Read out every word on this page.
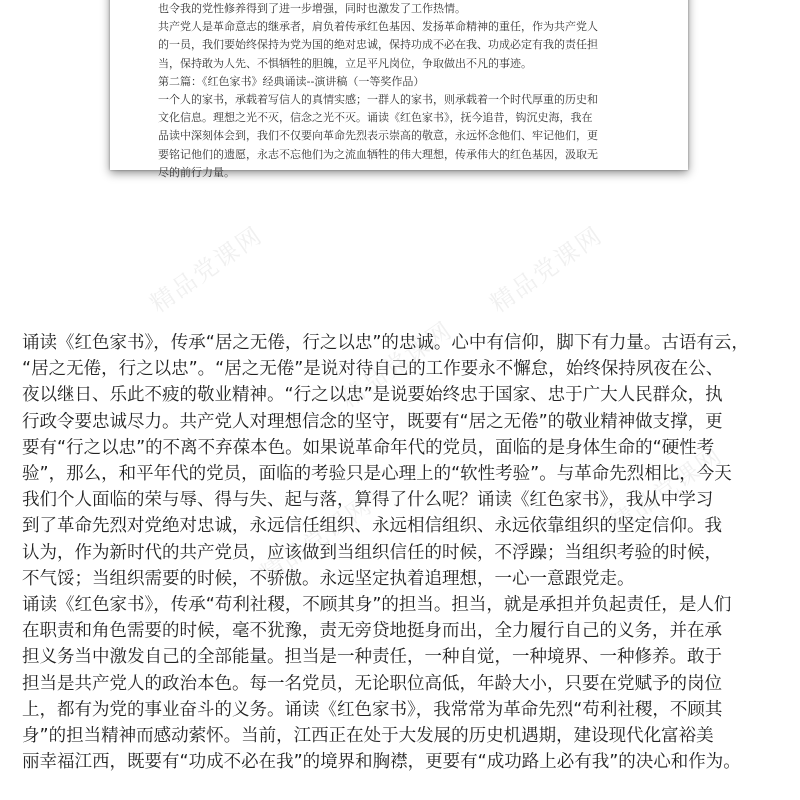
精品党课网	精品党课网
精品党课网
精品党课网
精品党课网
也令我的党性修养得到了进一步增强，同时也激发了工作热情。
共产党人是革命意志的继承者，肩负着传承红色基因、发扬革命精神的重任，作为共产党人
的一员，我们要始终保持为党为国的绝对忠诚，保持功成不必在我、功成必定有我的责任担
当，保持敢为人先、不惧牺牲的胆魄，立足平凡岗位，争取做出不凡的事迹。
第二篇：《红色家书》经典诵读--演讲稿（一等奖作品）
一个人的家书，承载着写信人的真情实感；一群人的家书，则承载着一个时代厚重的历史和
文化信息。理想之光不灭，信念之光不灭。诵读《红色家书》，抚今追昔，钩沉史海，我在
品读中深刻体会到，我们不仅要向革命先烈表示崇高的敬意，永远怀念他们、牢记他们，更
要铭记他们的遗愿，永志不忘他们为之流血牺牲的伟大理想，传承伟大的红色基因，汲取无
尽的前行力量。
诵读《红色家书》，传承“居之无倦，行之以忠”的忠诚。心中有信仰，脚下有力量。古语有云，
“居之无倦，行之以忠”。“居之无倦”是说对待自己的工作要永不懈怠，始终保持夙夜在公、
夜以继日、乐此不疲的敬业精神。“行之以忠”是说要始终忠于国家、忠于广大人民群众，执
行政令要忠诚尽力。共产党人对理想信念的坚守，既要有“居之无倦”的敬业精神做支撑，更
要有“行之以忠”的不离不弃葆本色。如果说革命年代的党员，面临的是身体生命的“硬性考
验”，那么，和平年代的党员，面临的考验只是心理上的“软性考验”。与革命先烈相比，今天
我们个人面临的荣与辱、得与失、起与落，算得了什么呢？诵读《红色家书》，我从中学习
到了革命先烈对党绝对忠诚，永远信任组织、永远相信组织、永远依靠组织的坚定信仰。我
认为，作为新时代的共产党员，应该做到当组织信任的时候，不浮躁；当组织考验的时候，
不气馁；当组织需要的时候，不骄傲。永远坚定执着追理想，一心一意跟党走。
诵读《红色家书》，传承“苟利社稷，不顾其身”的担当。担当，就是承担并负起责任，是人们
在职责和角色需要的时候，毫不犹豫，责无旁贷地挺身而出，全力履行自己的义务，并在承
担义务当中激发自己的全部能量。担当是一种责任，一种自觉，一种境界、一种修养。敢于
担当是共产党人的政治本色。每一名党员，无论职位高低，年龄大小，只要在党赋予的岗位
上，都有为党的事业奋斗的义务。诵读《红色家书》，我常常为革命先烈“苟利社稷，不顾其
身”的担当精神而感动萦怀。当前，江西正在处于大发展的历史机遇期，建设现代化富裕美
丽幸福江西，既要有“功成不必在我”的境界和胸襟，更要有“成功路上必有我”的决心和作为。
